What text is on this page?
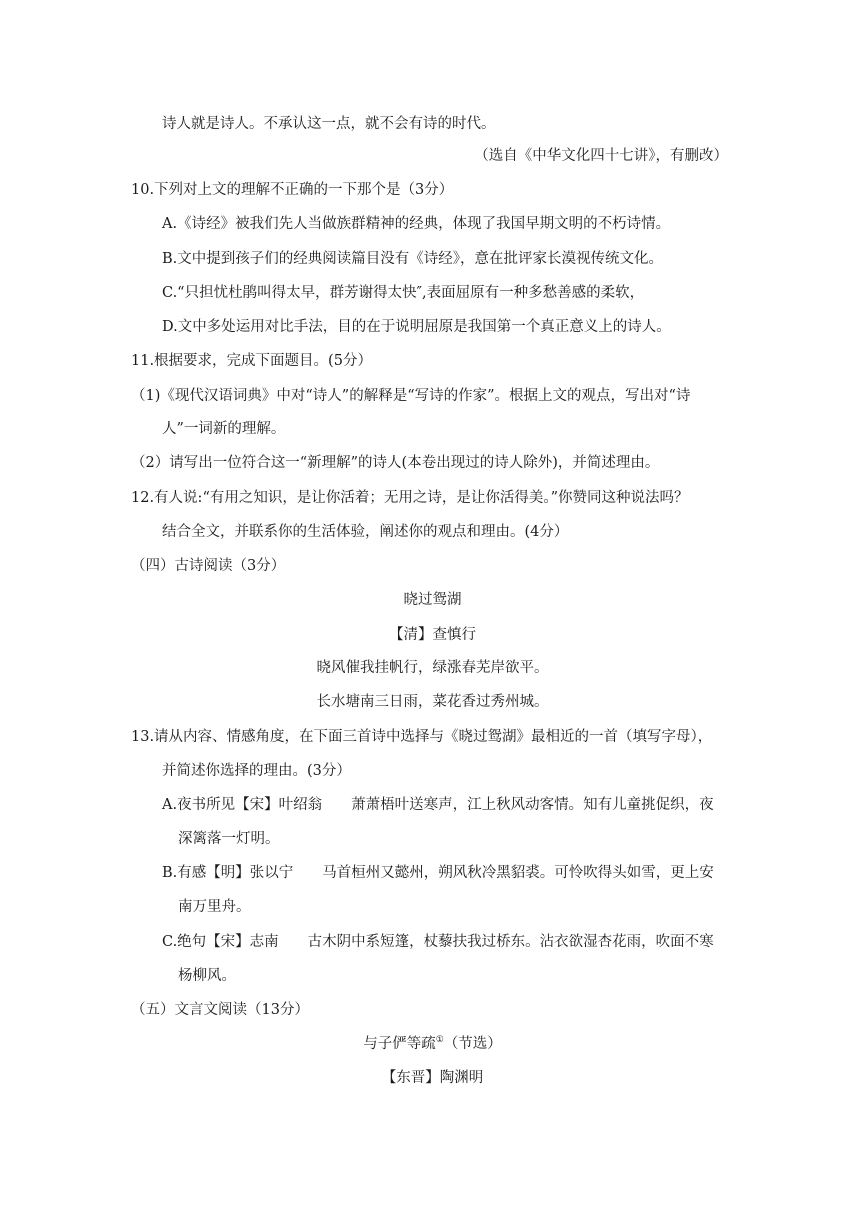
诗人就是诗人。不承认这一点，就不会有诗的时代。
（选自《中华文化四十七讲》，有删改）
10.下列对上文的理解不正确的一下那个是（3分）
A.《诗经》被我们先人当做族群精神的经典，体现了我国早期文明的不朽诗情。
B.文中提到孩子们的经典阅读篇目没有《诗经》，意在批评家长漠视传统文化。
C.“只担忧杜鹃叫得太早，群芳谢得太快″,表面屈原有一种多愁善感的柔软，
D.文中多处运用对比手法，目的在于说明屈原是我国第一个真正意义上的诗人。
11.根据要求，完成下面题目。(5分）
（1)《现代汉语词典》中对“诗人”的解释是“写诗的作家”。根据上文的观点，写出对“诗
人”一词新的理解。
（2）请写出一位符合这一“新理解”的诗人(本卷出现过的诗人除外)，并简述理由。
12.有人说:“有用之知识，是让你活着；无用之诗，是让你活得美。”你赞同这种说法吗？
结合全文，并联系你的生活体验，阐述你的观点和理由。(4分）
（四）古诗阅读（3分）
晓过鸳湖
【清】查慎行
晓风催我挂帆行，绿涨春芜岸欲平。
长水塘南三日雨，菜花香过秀州城。
13.请从内容、情感角度，在下面三首诗中选择与《晓过鸳湖》最相近的一首（填写字母），
并简述你选择的理由。(3分）
A.夜书所见【宋】叶绍翁　　萧萧梧叶送寒声，江上秋风动客情。知有儿童挑促织，夜
深篱落一灯明。
B.有感【明】张以宁　　马首桓州又懿州，朔风秋冷黑貂裘。可怜吹得头如雪，更上安
南万里舟。
C.绝句【宋】志南　　古木阴中系短篷，杖藜扶我过桥东。沾衣欲湿杏花雨，吹面不寒
杨柳风。
（五）文言文阅读（13分）
与子俨等疏①（节选）
【东晋】陶渊明
